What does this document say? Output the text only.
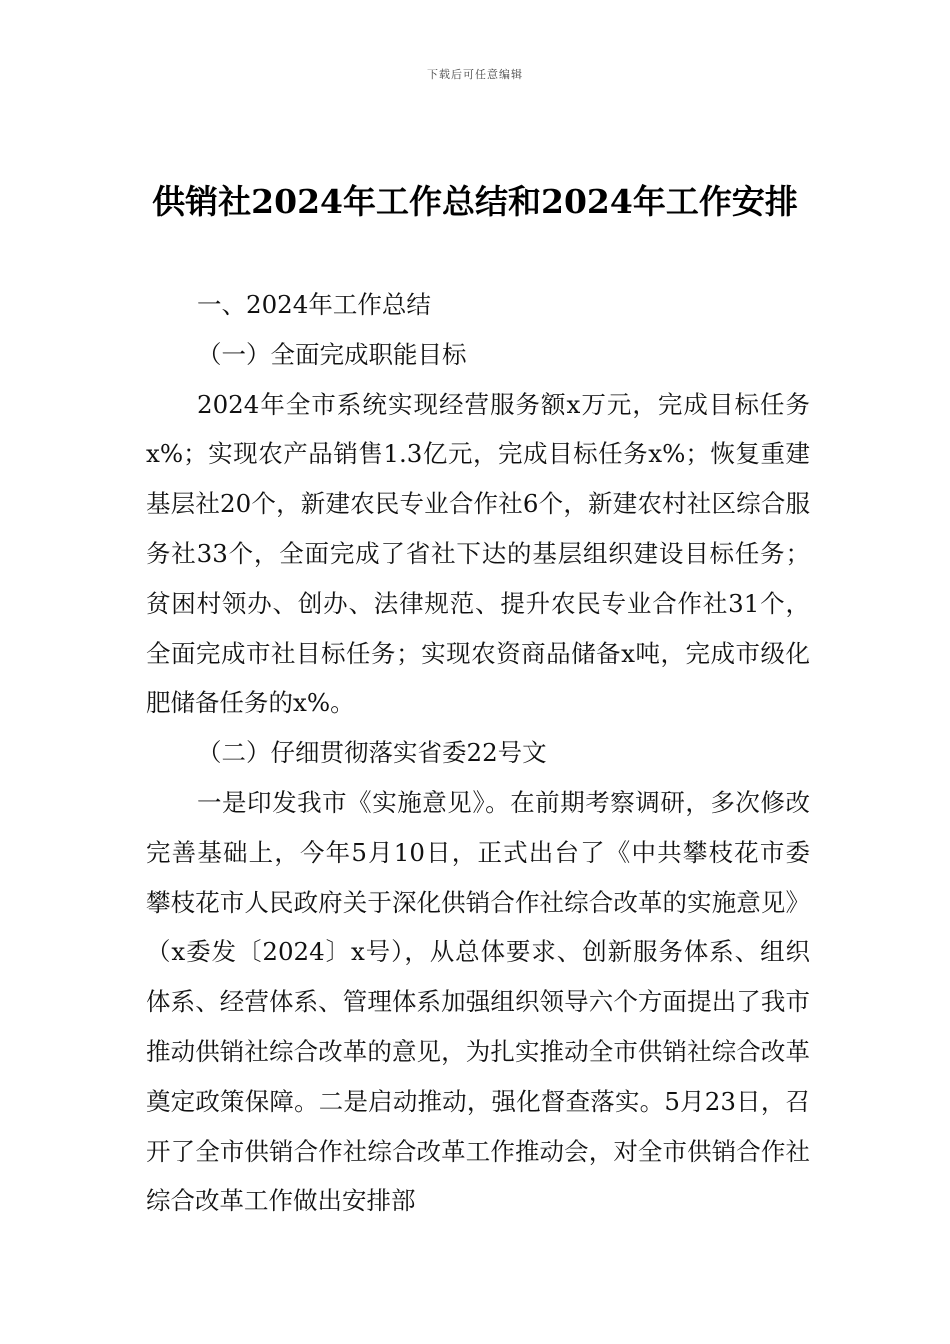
下载后可任意编辑
供销社2024年工作总结和2024年工作安排

一、2024年工作总结

（一）全面完成职能目标

2024年全市系统实现经营服务额x万元，完成目标任务x%；实现农产品销售1.3亿元，完成目标任务x%；恢复重建基层社20个，新建农民专业合作社6个，新建农村社区综合服务社33个，全面完成了省社下达的基层组织建设目标任务；贫困村领办、创办、法律规范、提升农民专业合作社31个，全面完成市社目标任务；实现农资商品储备x吨，完成市级化肥储备任务的x%。

（二）仔细贯彻落实省委22号文

一是印发我市《实施意见》。在前期考察调研，多次修改完善基础上，今年5月10日，正式出台了《中共攀枝花市委 攀枝花市人民政府关于深化供销合作社综合改革的实施意见》（x委发〔2024〕x号），从总体要求、创新服务体系、组织体系、经营体系、管理体系加强组织领导六个方面提出了我市推动供销社综合改革的意见，为扎实推动全市供销社综合改革奠定政策保障。二是启动推动，强化督查落实。5月23日，召开了全市供销合作社综合改革工作推动会，对全市供销合作社综合改革工作做出安排部
